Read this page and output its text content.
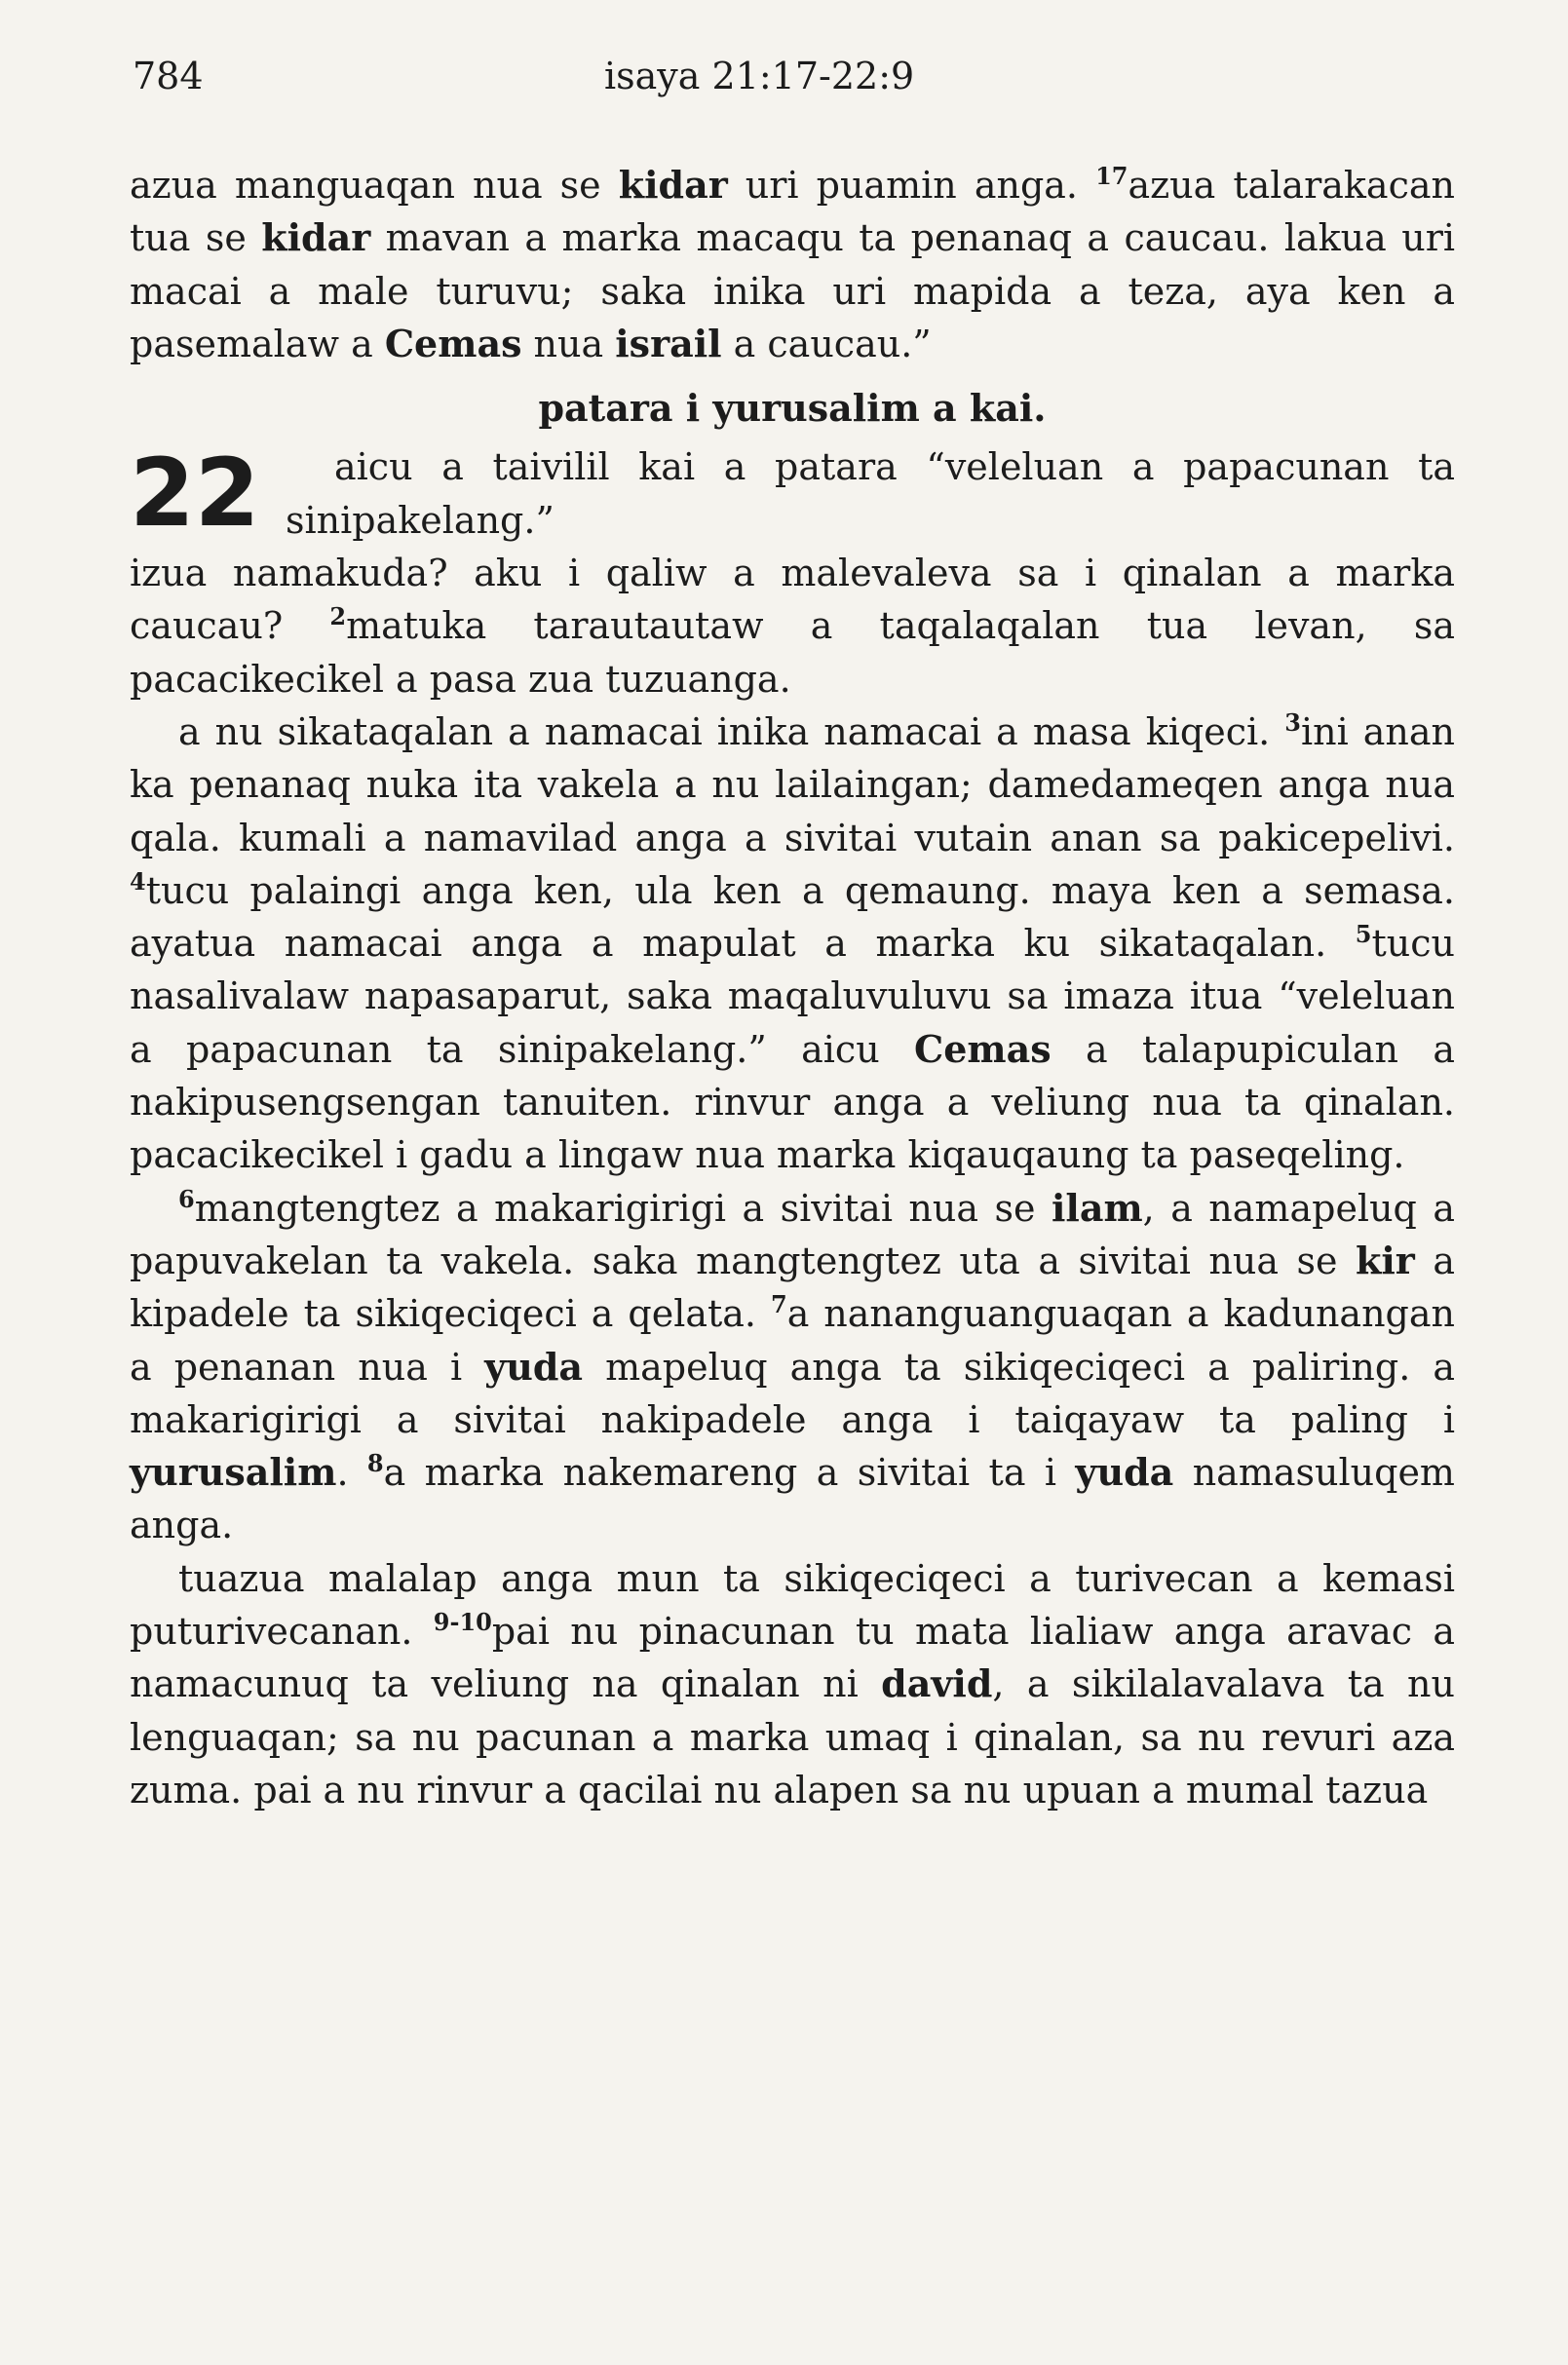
784	isaya 21:17-22:9

azua manguaqan nua se kidar uri puamin anga. $^{17}$azua talarakacan tua se kidar mavan a marka macaqu ta penanaq a caucau. lakua uri macai a male turuvu; saka inika uri mapida a teza, aya ken a pasemalaw a Cemas nua israil a caucau.”

patara i yurusalim a kai.

22	aicu a taivilil kai a patara “veleluan a papacunan ta sinipakelang.”

izua namakuda? aku i qaliw a malevalevа sa i qinalan a marka caucau? $^2$matuka tarautautaw a taqalaqalan tua levan, sa pacacikecikel a pasa zua tuzuanga.

a nu sikataqalan a namacai inika namacai a masa kiqeci. $^3$ini anan ka penanaq nuka ita vakela a nu lailaingan; damedameqen anga nua qala. kumali a namavilad anga a sivitai vutain anan sa pakicepelivi. $^4$tucu palaingi anga ken, ula ken a qemaung. maya ken a semasa. ayatua namacai anga a mapulat a marka ku sikataqalan. $^5$tucu nasalivalaw napasaparut, saka maqaluvuluvu sa imaza itua “veleluan a papacunan ta sinipakelang.” aicu Cemas a talapupiculan a nakipusengsengan tanuiten. rinvur anga a veliung nua ta qinalan. pacacikecikel i gadu a lingaw nua marka kiqauqaung ta paseqeling.

$^6$mangtengtez a makarigirigi a sivitai nua se ilam, a namapeluq a papuvakelan ta vakela. saka mangtengtez uta a sivitai nua se kir a kipadele ta sikiqeciqeci a qelata. $^7$a nananguanguaqan a kadunangan a penanan nua i yuda mapeluq anga ta sikiqeciqeci a paliring. a makarigirigi a sivitai nakipadele anga i taiqayaw ta paling i yurusalim. $^8$a marka nakemareng a sivitai ta i yuda namasuluqem anga.

tuazua malalap anga mun ta sikiqeciqeci a turivecan a kemasi puturivecanan. $^{9-10}$pai nu pinacunan tu mata lialiaw anga aravac a namacunuq ta veliung na qinalan ni david, a sikilalavalava ta nu lenguaqan; sa nu pacunan a marka umaq i qinalan, sa nu revuri aza zuma. pai a nu rinvur a qacilai nu alapen sa nu upuan a mumal tazua
